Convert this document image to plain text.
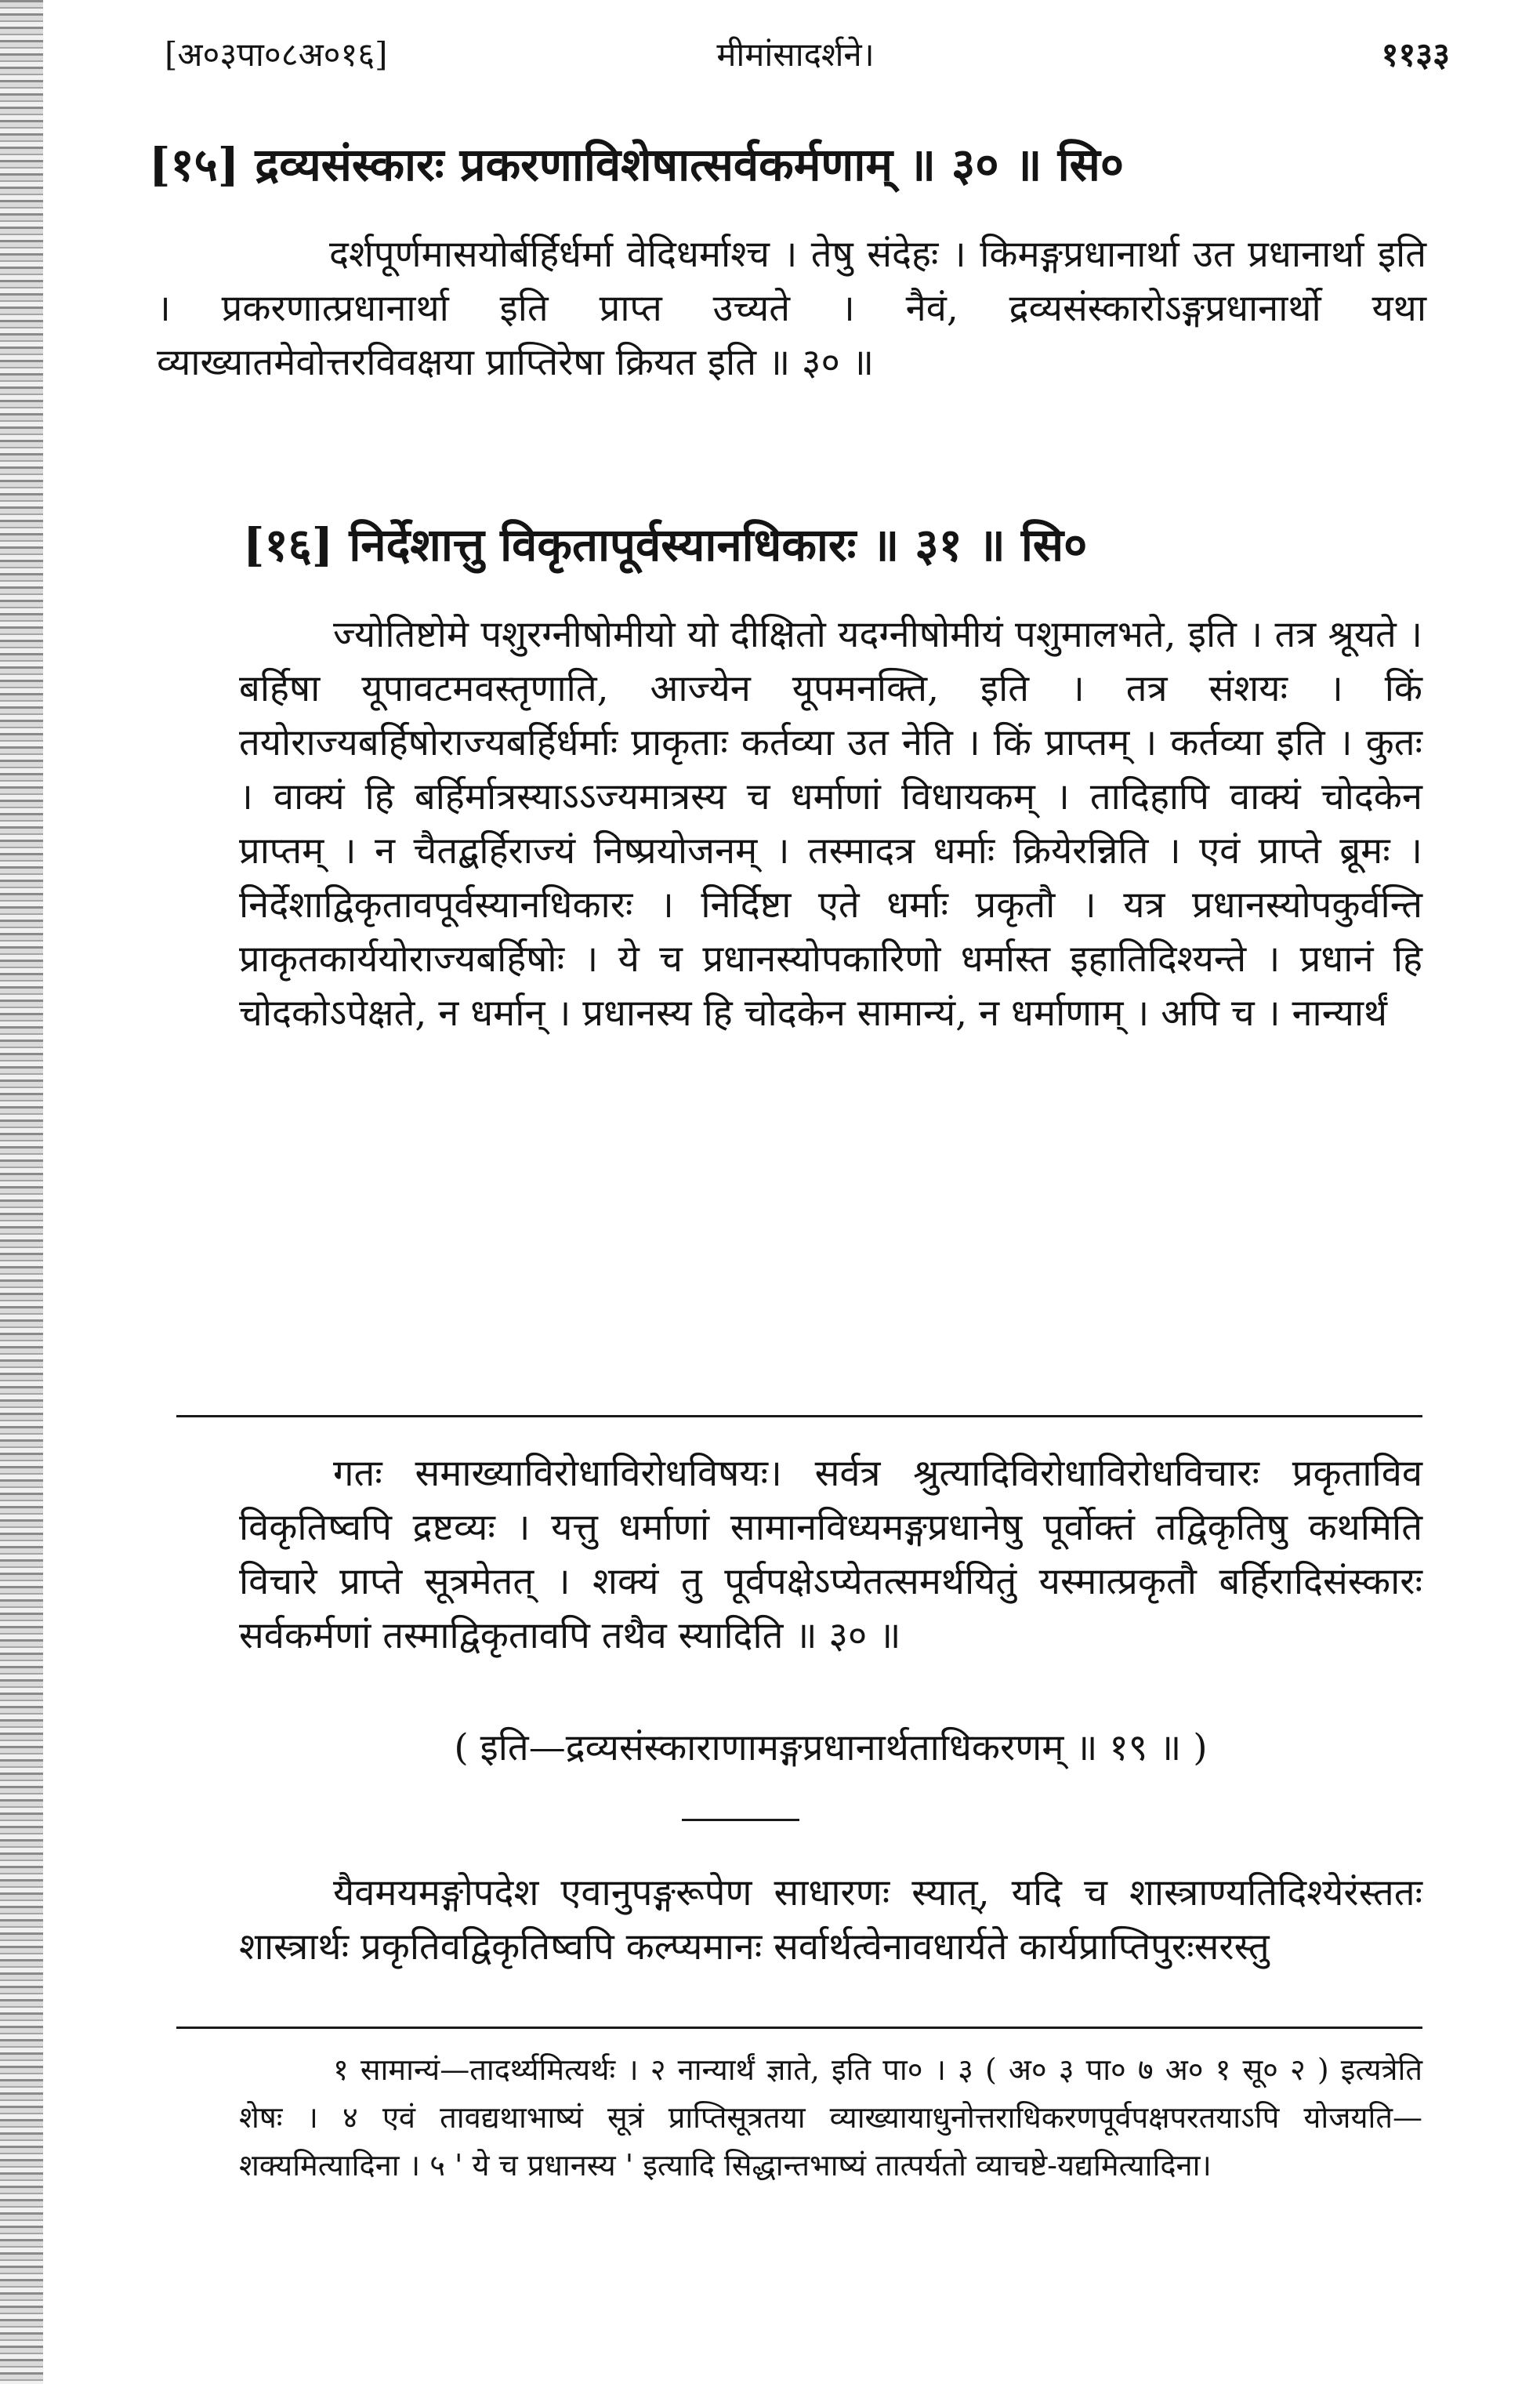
[अ०३पा०८अ०१६]	मीमांसादर्शने।	११३३
[१५] द्रव्यसंस्कारः प्रकरणाविशेषात्सर्वकर्मणाम् ॥ ३० ॥ सि०
दर्शपूर्णमासयोर्बर्हिर्धर्मा वेदिधर्माश्च । तेषु संदेहः । किमङ्गप्रधानार्था उत प्रधानार्था इति । प्रकरणात्प्रधानार्था इति प्राप्त उच्यते । नैवं, द्रव्यसंस्कारोऽङ्गप्रधानार्थो यथा व्याख्यातमेवोत्तरविवक्षया प्राप्तिरेषा क्रियत इति ॥ ३० ॥
[१६] निर्देशात्तु विकृतापूर्वस्यानधिकारः ॥ ३१ ॥ सि०
ज्योतिष्टोमे पशुरग्नीषोमीयो यो दीक्षितो यदग्नीषोमीयं पशुमालभते, इति । तत्र श्रूयते । बर्हिषा यूपावटमवस्तृणाति, आज्येन यूपमनक्ति, इति । तत्र संशयः । किं तयोराज्यबर्हिषोराज्यबर्हिर्धर्माः प्राकृताः कर्तव्या उत नेति । किं प्राप्तम् । कर्तव्या इति । कुतः । वाक्यं हि बर्हिर्मात्रस्याऽऽज्यमात्रस्य च धर्माणां विधायकम् । तादिहापि वाक्यं चोदकेन प्राप्तम् । न चैतद्बर्हिराज्यं निष्प्रयोजनम् । तस्मादत्र धर्माः क्रियेरन्निति । एवं प्राप्ते ब्रूमः । निर्देशाद्विकृतावपूर्वस्यानधिकारः । निर्दिष्टा एते धर्माः प्रकृतौ । यत्र प्रधानस्योपकुर्वन्ति प्राकृतकार्ययोराज्यबर्हिषोः । ये च प्रधानस्योपकारिणो धर्मास्त इहातिदिश्यन्ते । प्रधानं हि चोदकोऽपेक्षते, न धर्मान् । प्रधानस्य हि चोदकेन सामान्यं, न धर्माणाम् । अपि च । नान्यार्थं
गतः समाख्याविरोधाविरोधविषयः। सर्वत्र श्रुत्यादिविरोधाविरोधविचारः प्रकृताविव विकृतिष्वपि द्रष्टव्यः । यत्तु धर्माणां सामानविध्यमङ्गप्रधानेषु पूर्वोक्तं तद्विकृतिषु कथमिति विचारे प्राप्ते सूत्रमेतत् । शक्यं तु पूर्वपक्षेऽप्येतत्समर्थयितुं यस्मात्प्रकृतौ बर्हिरादिसंस्कारः सर्वकर्मणां तस्माद्विकृतावपि तथैव स्यादिति ॥ ३० ॥
( इति—द्रव्यसंस्काराणामङ्गप्रधानार्थताधिकरणम् ॥ १९ ॥ )
यैवमयमङ्गोपदेश एवानुपङ्गरूपेण साधारणः स्यात्, यदि च शास्त्राण्यतिदिश्येरंस्ततः शास्त्रार्थः प्रकृतिवद्विकृतिष्वपि कल्प्यमानः सर्वार्थत्वेनावधार्यते कार्यप्राप्तिपुरःसरस्तु
१ सामान्यं—तादर्थ्यमित्यर्थः । २ नान्यार्थं ज्ञाते, इति पा० । ३ ( अ० ३ पा० ७ अ० १ सू० २ ) इत्यत्रेति शेषः । ४ एवं तावद्यथाभाष्यं सूत्रं प्राप्तिसूत्रतया व्याख्यायाधुनोत्तराधिकरणपूर्वपक्षपरतयाऽपि योजयति—शक्यमित्यादिना । ५ ' ये च प्रधानस्य ' इत्यादि सिद्धान्तभाष्यं तात्पर्यतो व्याचष्टे-यद्यमित्यादिना।
